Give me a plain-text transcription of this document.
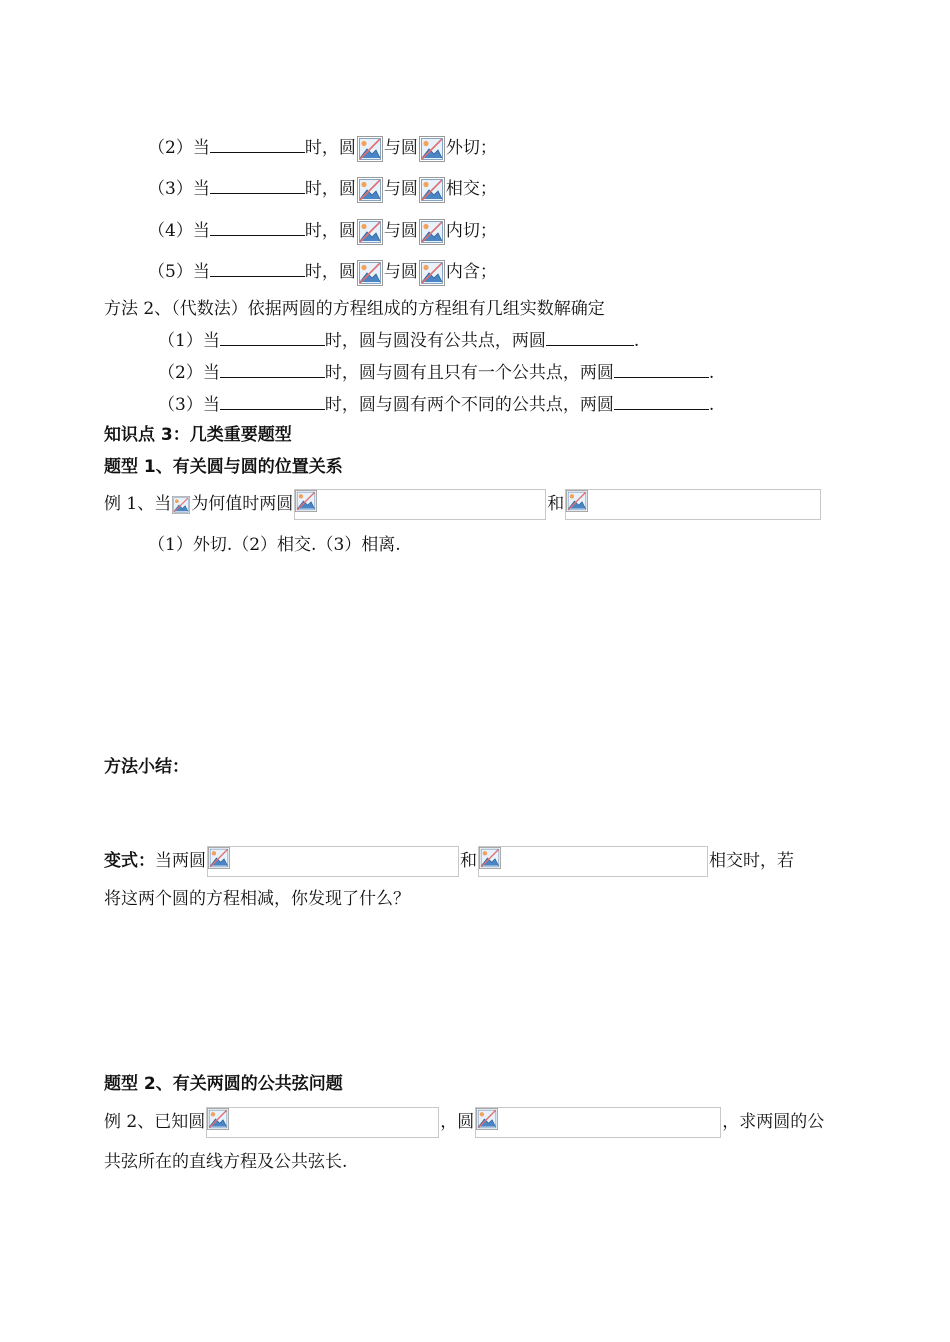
（2）当	时，圆 与圆 外切；
（3）当	时，圆 与圆 相交；
（4）当	时，圆 与圆 内切；
（5）当	时，圆 与圆 内含；
方法 2、（代数法）依据两圆的方程组成的方程组有几组实数解确定
（1）当	时，圆与圆没有公共点，两圆	.
（2）当	时，圆与圆有且只有一个公共点，两圆	.
（3）当	时，圆与圆有两个不同的公共点，两圆	.
知识点 3：几类重要题型
题型 1、有关圆与圆的位置关系
例 1、当 为何值时两圆	和
（1）外切.（2）相交.（3）相离.
方法小结：
变式：当两圆	和	相交时，若
将这两个圆的方程相减，你发现了什么？
题型 2、有关两圆的公共弦问题
例 2、已知圆	，圆	，求两圆的公
共弦所在的直线方程及公共弦长.
